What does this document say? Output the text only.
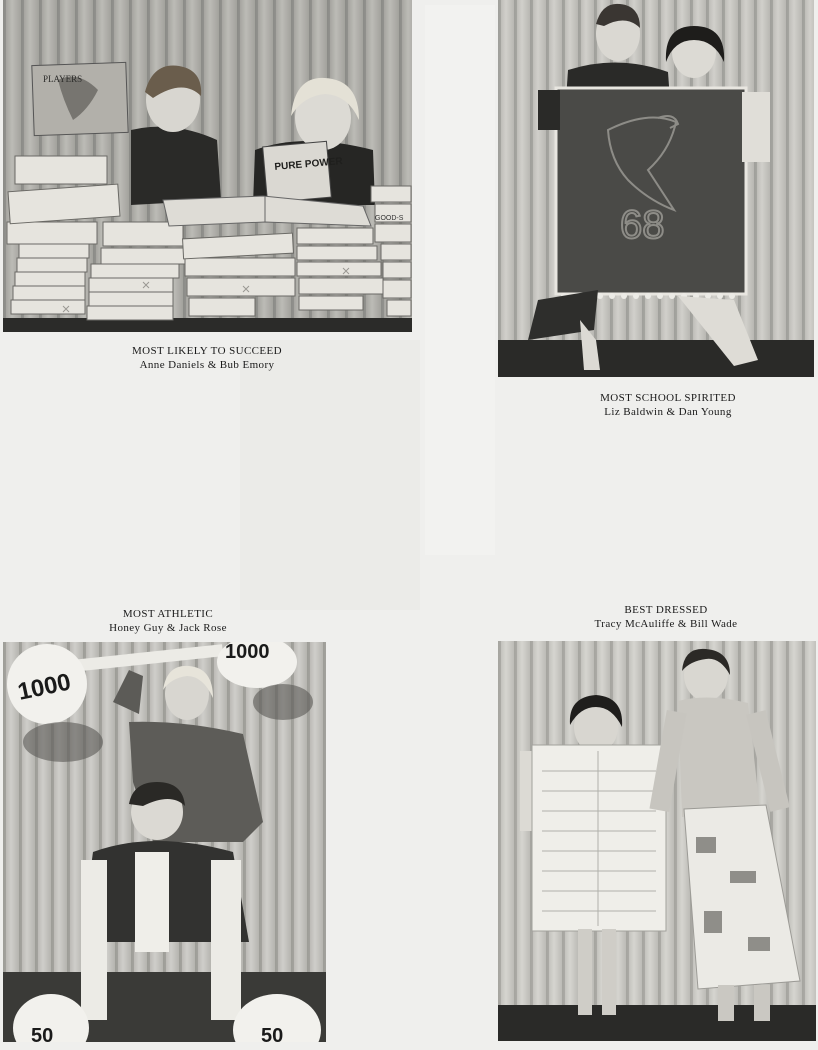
PLAYERS
PURE POWER
GOOD-S
MOST LIKELY TO SUCCEED
Anne Daniels & Bub Emory
68
MOST SCHOOL SPIRITED
Liz Baldwin & Dan Young
MOST ATHLETIC
Honey Guy & Jack Rose
BEST DRESSED
Tracy McAuliffe & Bill Wade
1000
1000
50	50
